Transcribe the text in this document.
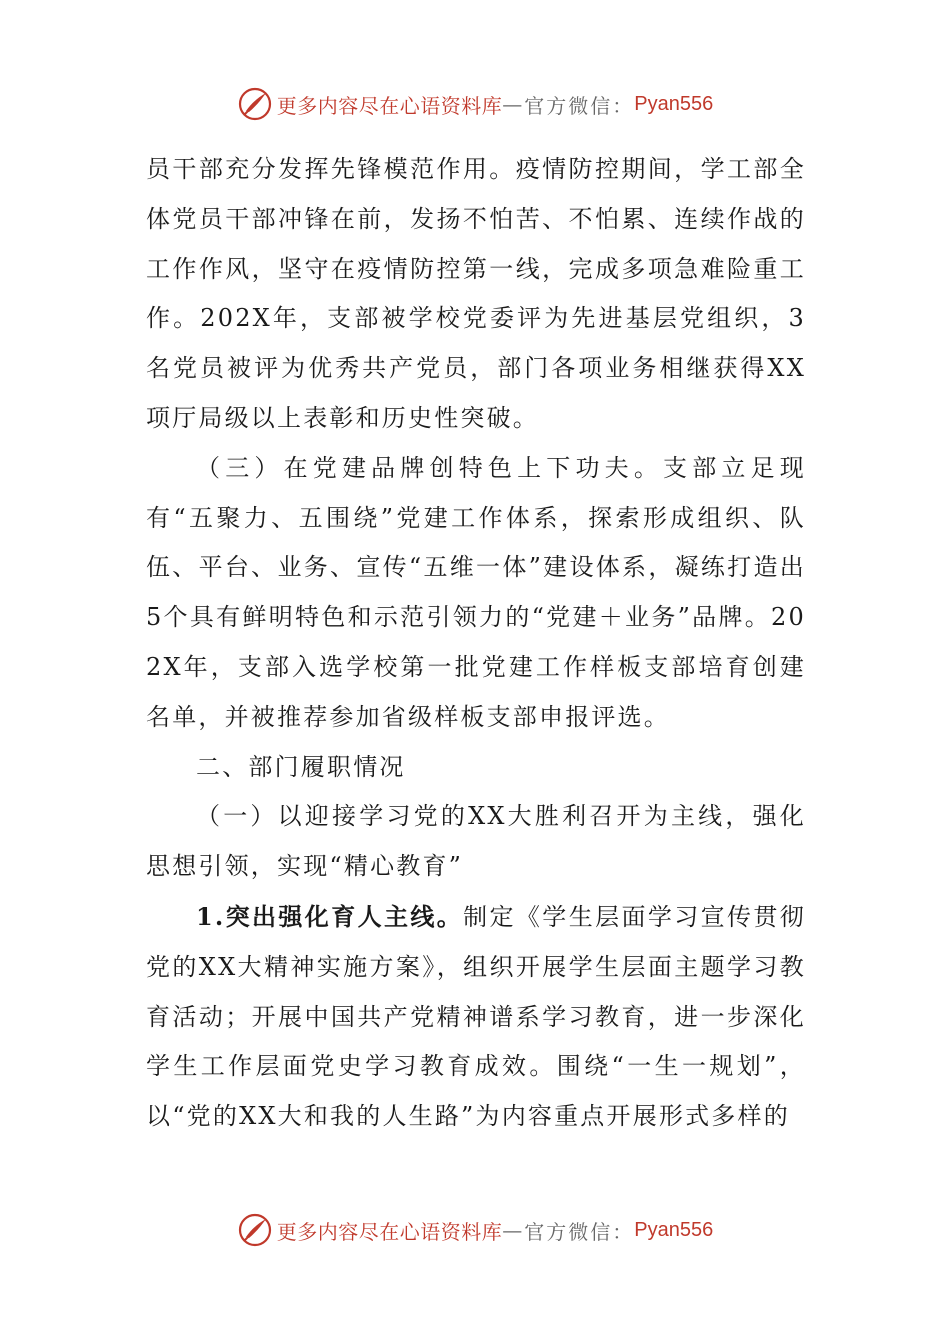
更多内容尽在心语资料库 — 官方微信： Pyan556

员干部充分发挥先锋模范作用。疫情防控期间，学工部全体党员干部冲锋在前，发扬不怕苦、不怕累、连续作战的工作作风，坚守在疫情防控第一线，完成多项急难险重工作。202X年，支部被学校党委评为先进基层党组织，3名党员被评为优秀共产党员，部门各项业务相继获得XX项厅局级以上表彰和历史性突破。

（三）在党建品牌创特色上下功夫。支部立足现有“五聚力、五围绕”党建工作体系，探索形成组织、队伍、平台、业务、宣传“五维一体”建设体系，凝练打造出5个具有鲜明特色和示范引领力的“党建＋业务”品牌。202X年，支部入选学校第一批党建工作样板支部培育创建名单，并被推荐参加省级样板支部申报评选。

二、部门履职情况

（一）以迎接学习党的XX大胜利召开为主线，强化思想引领，实现“精心教育”

1.突出强化育人主线。制定《学生层面学习宣传贯彻党的XX大精神实施方案》，组织开展学生层面主题学习教育活动；开展中国共产党精神谱系学习教育，进一步深化学生工作层面党史学习教育成效。围绕“一生一规划”，以“党的XX大和我的人生路”为内容重点开展形式多样的

更多内容尽在心语资料库 — 官方微信： Pyan556
